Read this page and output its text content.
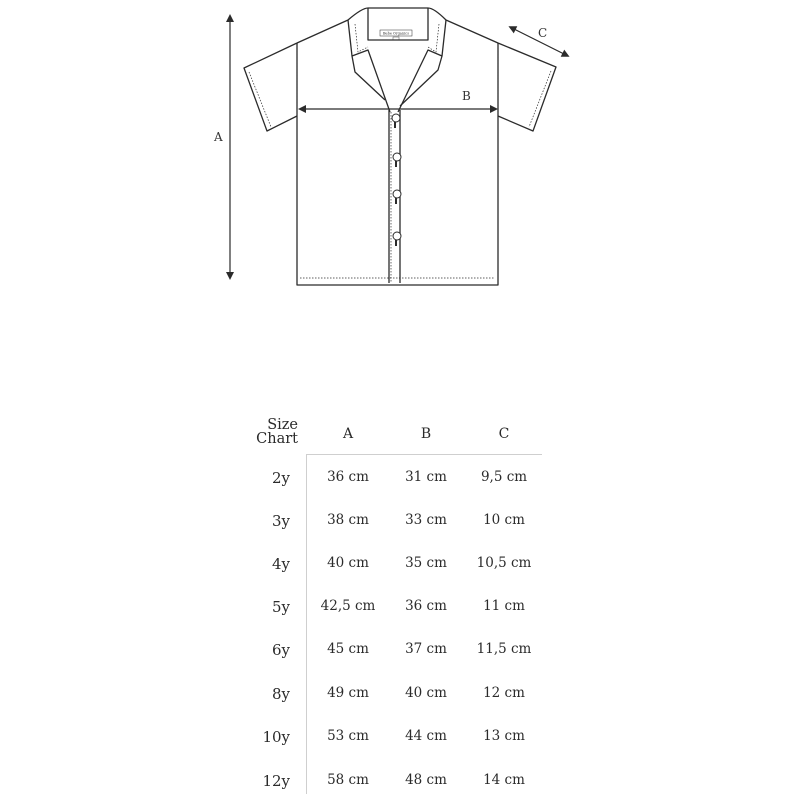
Bebe Organics
A
B
C
Size
Chart	A	B	C
2y	36 cm	31 cm	9,5 cm
3y	38 cm	33 cm	10 cm
4y	40 cm	35 cm	10,5 cm
5y	42,5 cm	36 cm	11 cm
6y	45 cm	37 cm	11,5 cm
8y	49 cm	40 cm	12 cm
10y	53 cm	44 cm	13 cm
12y	58 cm	48 cm	14 cm
